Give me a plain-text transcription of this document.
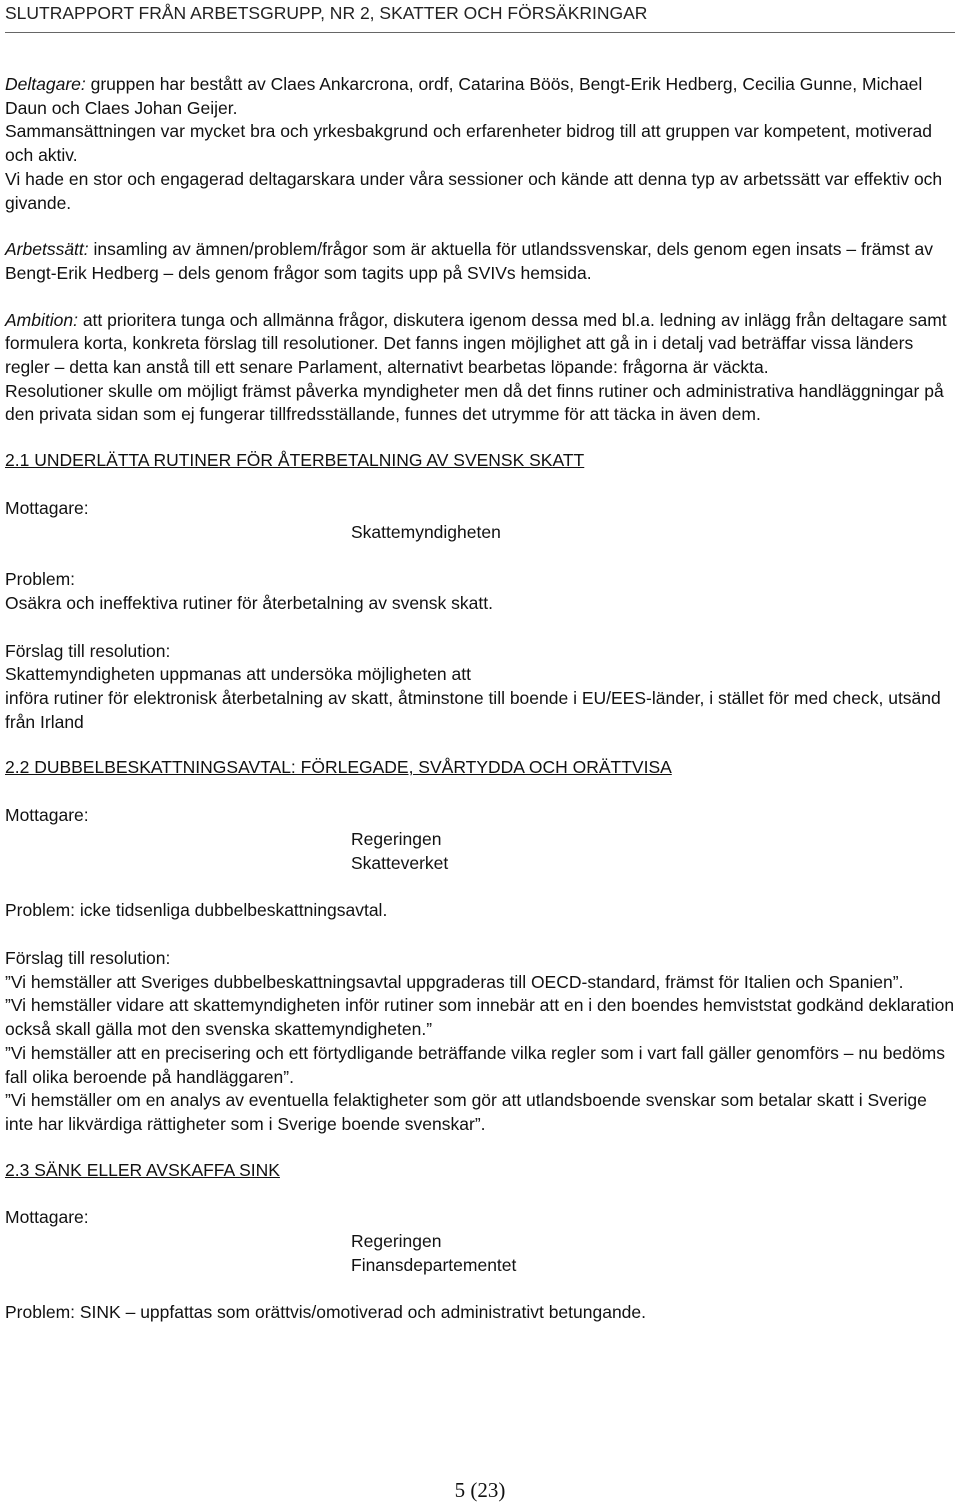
SLUTRAPPORT FRÅN ARBETSGRUPP, NR 2, SKATTER OCH FÖRSÄKRINGAR

Deltagare: gruppen har bestått av Claes Ankarcrona, ordf, Catarina Böös, Bengt-Erik Hedberg, Cecilia Gunne, Michael Daun och Claes Johan Geijer.

Sammansättningen var mycket bra och yrkesbakgrund och erfarenheter bidrog till att gruppen var kompetent, motiverad och aktiv.

Vi hade en stor och engagerad deltagarskara under våra sessioner och kände att denna typ av arbetssätt var effektiv och givande.

Arbetssätt: insamling av ämnen/problem/frågor som är aktuella för utlandssvenskar, dels genom egen insats – främst av Bengt-Erik Hedberg – dels genom frågor som tagits upp på SVIVs hemsida.

Ambition: att prioritera tunga och allmänna frågor, diskutera igenom dessa med bl.a. ledning av inlägg från deltagare samt formulera korta, konkreta förslag till resolutioner. Det fanns ingen möjlighet att gå in i detalj vad beträffar vissa länders regler – detta kan anstå till ett senare Parlament, alternativt bearbetas löpande: frågorna är väckta.

Resolutioner skulle om möjligt främst påverka myndigheter men då det finns rutiner och administrativa handläggningar på den privata sidan som ej fungerar tillfredsställande, funnes det utrymme för att täcka in även dem.

2.1 UNDERLÄTTA RUTINER FÖR ÅTERBETALNING AV SVENSK SKATT

Mottagare:

Skattemyndigheten

Problem:

Osäkra och ineffektiva rutiner för återbetalning av svensk skatt.

Förslag till resolution:

Skattemyndigheten uppmanas att undersöka möjligheten att

införa rutiner för elektronisk återbetalning av skatt, åtminstone till boende i EU/EES-länder, i stället för med check, utsänd från Irland

2.2 DUBBELBESKATTNINGSAVTAL: FÖRLEGADE, SVÅRTYDDA OCH ORÄTTVISA

Mottagare:

Regeringen

Skatteverket

Problem: icke tidsenliga dubbelbeskattningsavtal.

Förslag till resolution:

”Vi hemställer att Sveriges dubbelbeskattningsavtal uppgraderas till OECD-standard, främst för Italien och Spanien”.

”Vi hemställer vidare att skattemyndigheten inför rutiner som innebär att en i den boendes hemviststat godkänd deklaration också skall gälla mot den svenska skattemyndigheten.”

”Vi hemställer att en precisering och ett förtydligande beträffande vilka regler som i vart fall gäller genomförs – nu bedöms fall olika beroende på handläggaren”.

”Vi hemställer om en analys av eventuella felaktigheter som gör att utlandsboende svenskar som betalar skatt i Sverige inte har likvärdiga rättigheter som i Sverige boende svenskar”.

2.3 SÄNK ELLER AVSKAFFA SINK

Mottagare:

Regeringen

Finansdepartementet

Problem: SINK – uppfattas som orättvis/omotiverad och administrativt betungande.

5 (23)
